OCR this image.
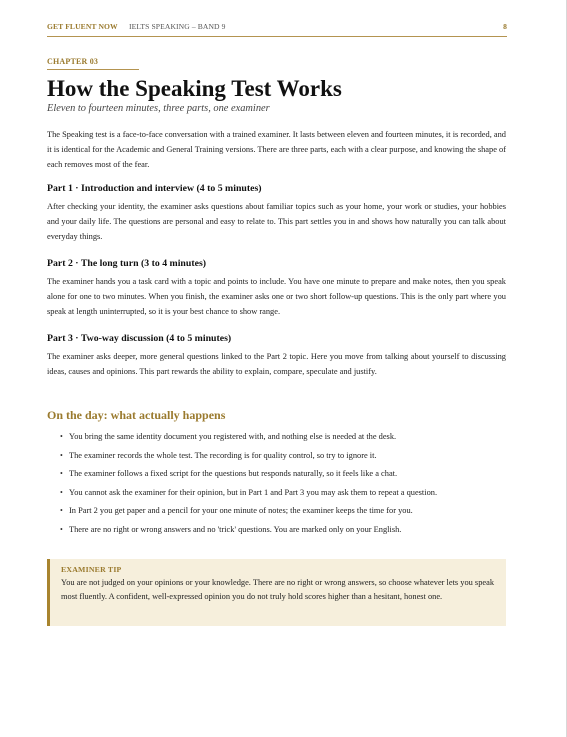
GET FLUENT NOW IELTS SPEAKING – BAND 9	8
CHAPTER 03
How the Speaking Test Works

Eleven to fourteen minutes, three parts, one examiner

The Speaking test is a face-to-face conversation with a trained examiner. It lasts between eleven and fourteen minutes, it is recorded, and it is identical for the Academic and General Training versions. There are three parts, each with a clear purpose, and knowing the shape of each removes most of the fear.

Part 1 · Introduction and interview (4 to 5 minutes)

After checking your identity, the examiner asks questions about familiar topics such as your home, your work or studies, your hobbies and your daily life. The questions are personal and easy to relate to. This part settles you in and shows how naturally you can talk about everyday things.

Part 2 · The long turn (3 to 4 minutes)

The examiner hands you a task card with a topic and points to include. You have one minute to prepare and make notes, then you speak alone for one to two minutes. When you finish, the examiner asks one or two short follow-up questions. This is the only part where you speak at length uninterrupted, so it is your best chance to show range.

Part 3 · Two-way discussion (4 to 5 minutes)

The examiner asks deeper, more general questions linked to the Part 2 topic. Here you move from talking about yourself to discussing ideas, causes and opinions. This part rewards the ability to explain, compare, speculate and justify.

On the day: what actually happens
• You bring the same identity document you registered with, and nothing else is needed at the desk.
• The examiner records the whole test. The recording is for quality control, so try to ignore it.
• The examiner follows a fixed script for the questions but responds naturally, so it feels like a chat.
• You cannot ask the examiner for their opinion, but in Part 1 and Part 3 you may ask them to repeat a question.
• In Part 2 you get paper and a pencil for your one minute of notes; the examiner keeps the time for you.
• There are no right or wrong answers and no 'trick' questions. You are marked only on your English.
EXAMINER TIP

You are not judged on your opinions or your knowledge. There are no right or wrong answers, so choose whatever lets you speak most fluently. A confident, well-expressed opinion you do not truly hold scores higher than a hesitant, honest one.
